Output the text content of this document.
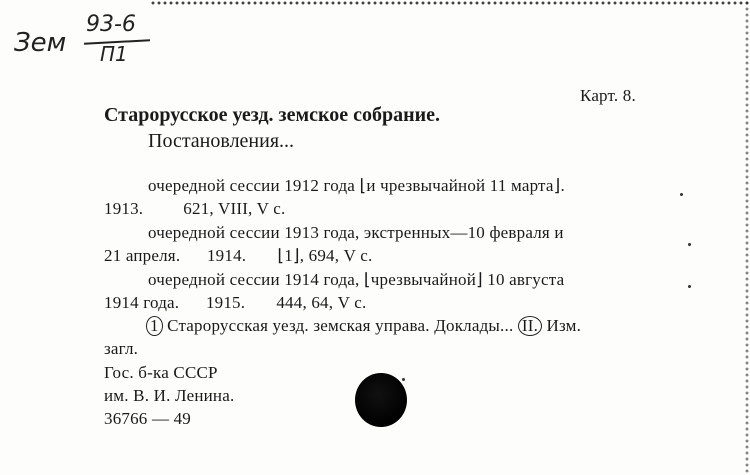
Зем
93-6
П1
Карт. 8.
Старорусское уезд. земское собрание.
Постановления...
очередной сессии 1912 года ⌊и чрезвычайной 11 марта⌋.
1913.         621, VIII, V с.
очередной сессии 1913 года, экстренных—10 февраля и
21 апреля.      1914.       ⌊1⌋, 694, V с.
очередной сессии 1914 года, ⌊чрезвычайной⌋ 10 августа
1914 года.      1915.       444, 64, V с.
1 Старорусская уезд. земская управа. Доклады... II. Изм.
загл.
Гос. б-ка СССР
им. В. И. Ленина.
36766 — 49
